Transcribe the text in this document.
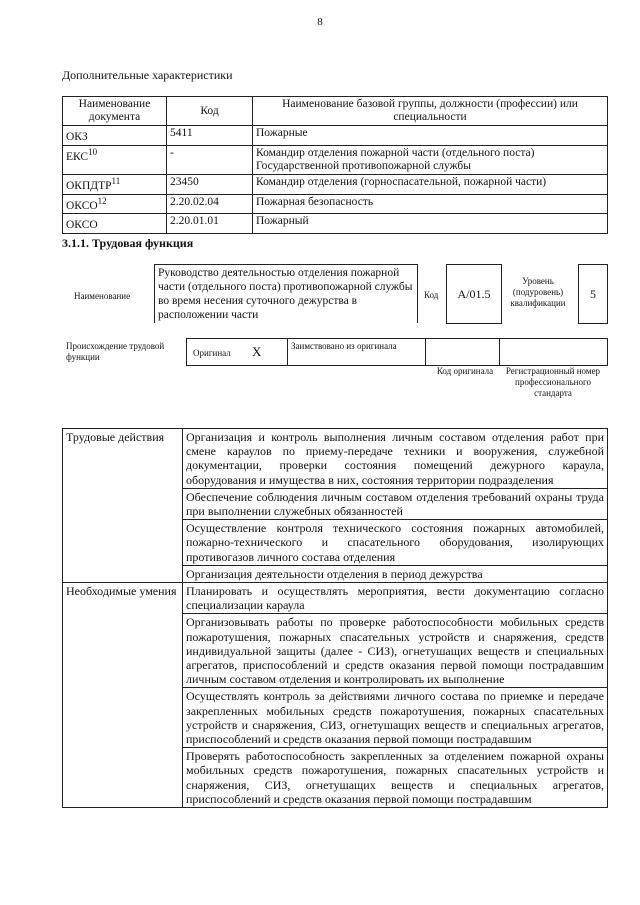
8
Дополнительные характеристики
Наименование документа	Код	Наименование базовой группы, должности (профессии) или специальности
ОКЗ	5411	Пожарные
ЕКС$^{10}$	-	Командир отделения пожарной части (отдельного поста) Государственной противопожарной службы
ОКПДТР$^{11}$	23450	Командир отделения (горноспасательной, пожарной части)
ОКСО$^{12}$	2.20.02.04	Пожарная безопасность
ОКСО	2.20.01.01	Пожарный
3.1.1. Трудовая функция
Наименование
Руководство деятельностью отделения пожарной части (отдельного поста) противопожарной службы во время несения суточного дежурства в расположении части
Код	A/01.5
Уровень (подуровень) квалификации
5
Происхождение трудовой функции	Оригинал X	Заимствовано из оригинала
Код оригинала	Регистрационный номер профессионального стандарта
Трудовые действия	Организация и контроль выполнения личным составом отделения работ при смене караулов по приему-передаче техники и вооружения, служебной документации, проверки состояния помещений дежурного караула, оборудования и имущества в них, состояния территории подразделения
	Обеспечение соблюдения личным составом отделения требований охраны труда при выполнении служебных обязанностей
	Осуществление контроля технического состояния пожарных автомобилей, пожарно-технического и спасательного оборудования, изолирующих противогазов личного состава отделения
	Организация деятельности отделения в период дежурства
Необходимые умения	Планировать и осуществлять мероприятия, вести документацию согласно специализации караула
	Организовывать работы по проверке работоспособности мобильных средств пожаротушения, пожарных спасательных устройств и снаряжения, средств индивидуальной защиты (далее - СИЗ), огнетушащих веществ и специальных агрегатов, приспособлений и средств оказания первой помощи пострадавшим личным составом отделения и контролировать их выполнение
	Осуществлять контроль за действиями личного состава по приемке и передаче закрепленных мобильных средств пожаротушения, пожарных спасательных устройств и снаряжения, СИЗ, огнетушащих веществ и специальных агрегатов, приспособлений и средств оказания первой помощи пострадавшим
	Проверять работоспособность закрепленных за отделением пожарной охраны мобильных средств пожаротушения, пожарных спасательных устройств и снаряжения, СИЗ, огнетушащих веществ и специальных агрегатов, приспособлений и средств оказания первой помощи пострадавшим
